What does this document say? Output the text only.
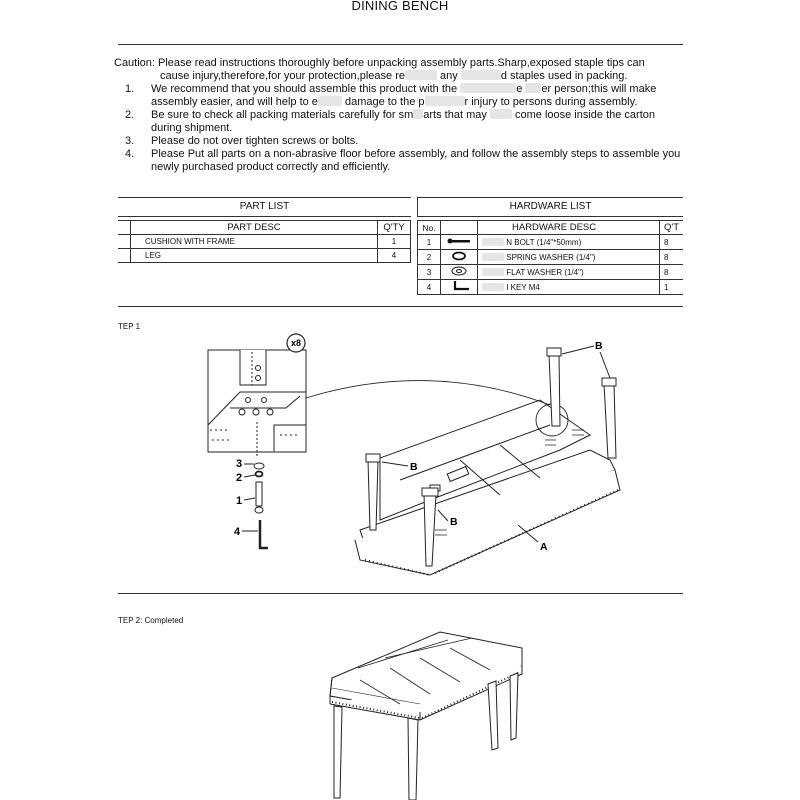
DINING BENCH
Caution: Please read instructions thoroughly before unpacking assembly parts.Sharp,exposed staple tips can
cause injury,therefore,for your protection,please re	any	d staples used in packing.
1. We recommend that you should assemble this product with the	e er person;this will make
assembly easier, and will help to e damage to the p	r injury to persons during assembly.
2. Be sure to check all packing materials carefully for sm arts that may	come loose inside the carton
during shipment.
3. Please do not over tighten screws or bolts.
4. Please Put all parts on a non-abrasive floor before assembly, and follow the assembly steps to assemble you
newly purchased product correctly and efficiently.
PART LIST
	PART DESC	Q'TY
	CUSHION WITH FRAME	1
	LEG	4
HARDWARE LIST
No.		HARDWARE DESC	Q'T
1		N BOLT (1/4"*50mm)	8
2		SPRING WASHER (1/4")	8
3		FLAT WASHER (1/4")	8
4		I KEY M4	1
TEP 1
x8
3
2
1
4
B
B
B
A
TEP 2: Completed
